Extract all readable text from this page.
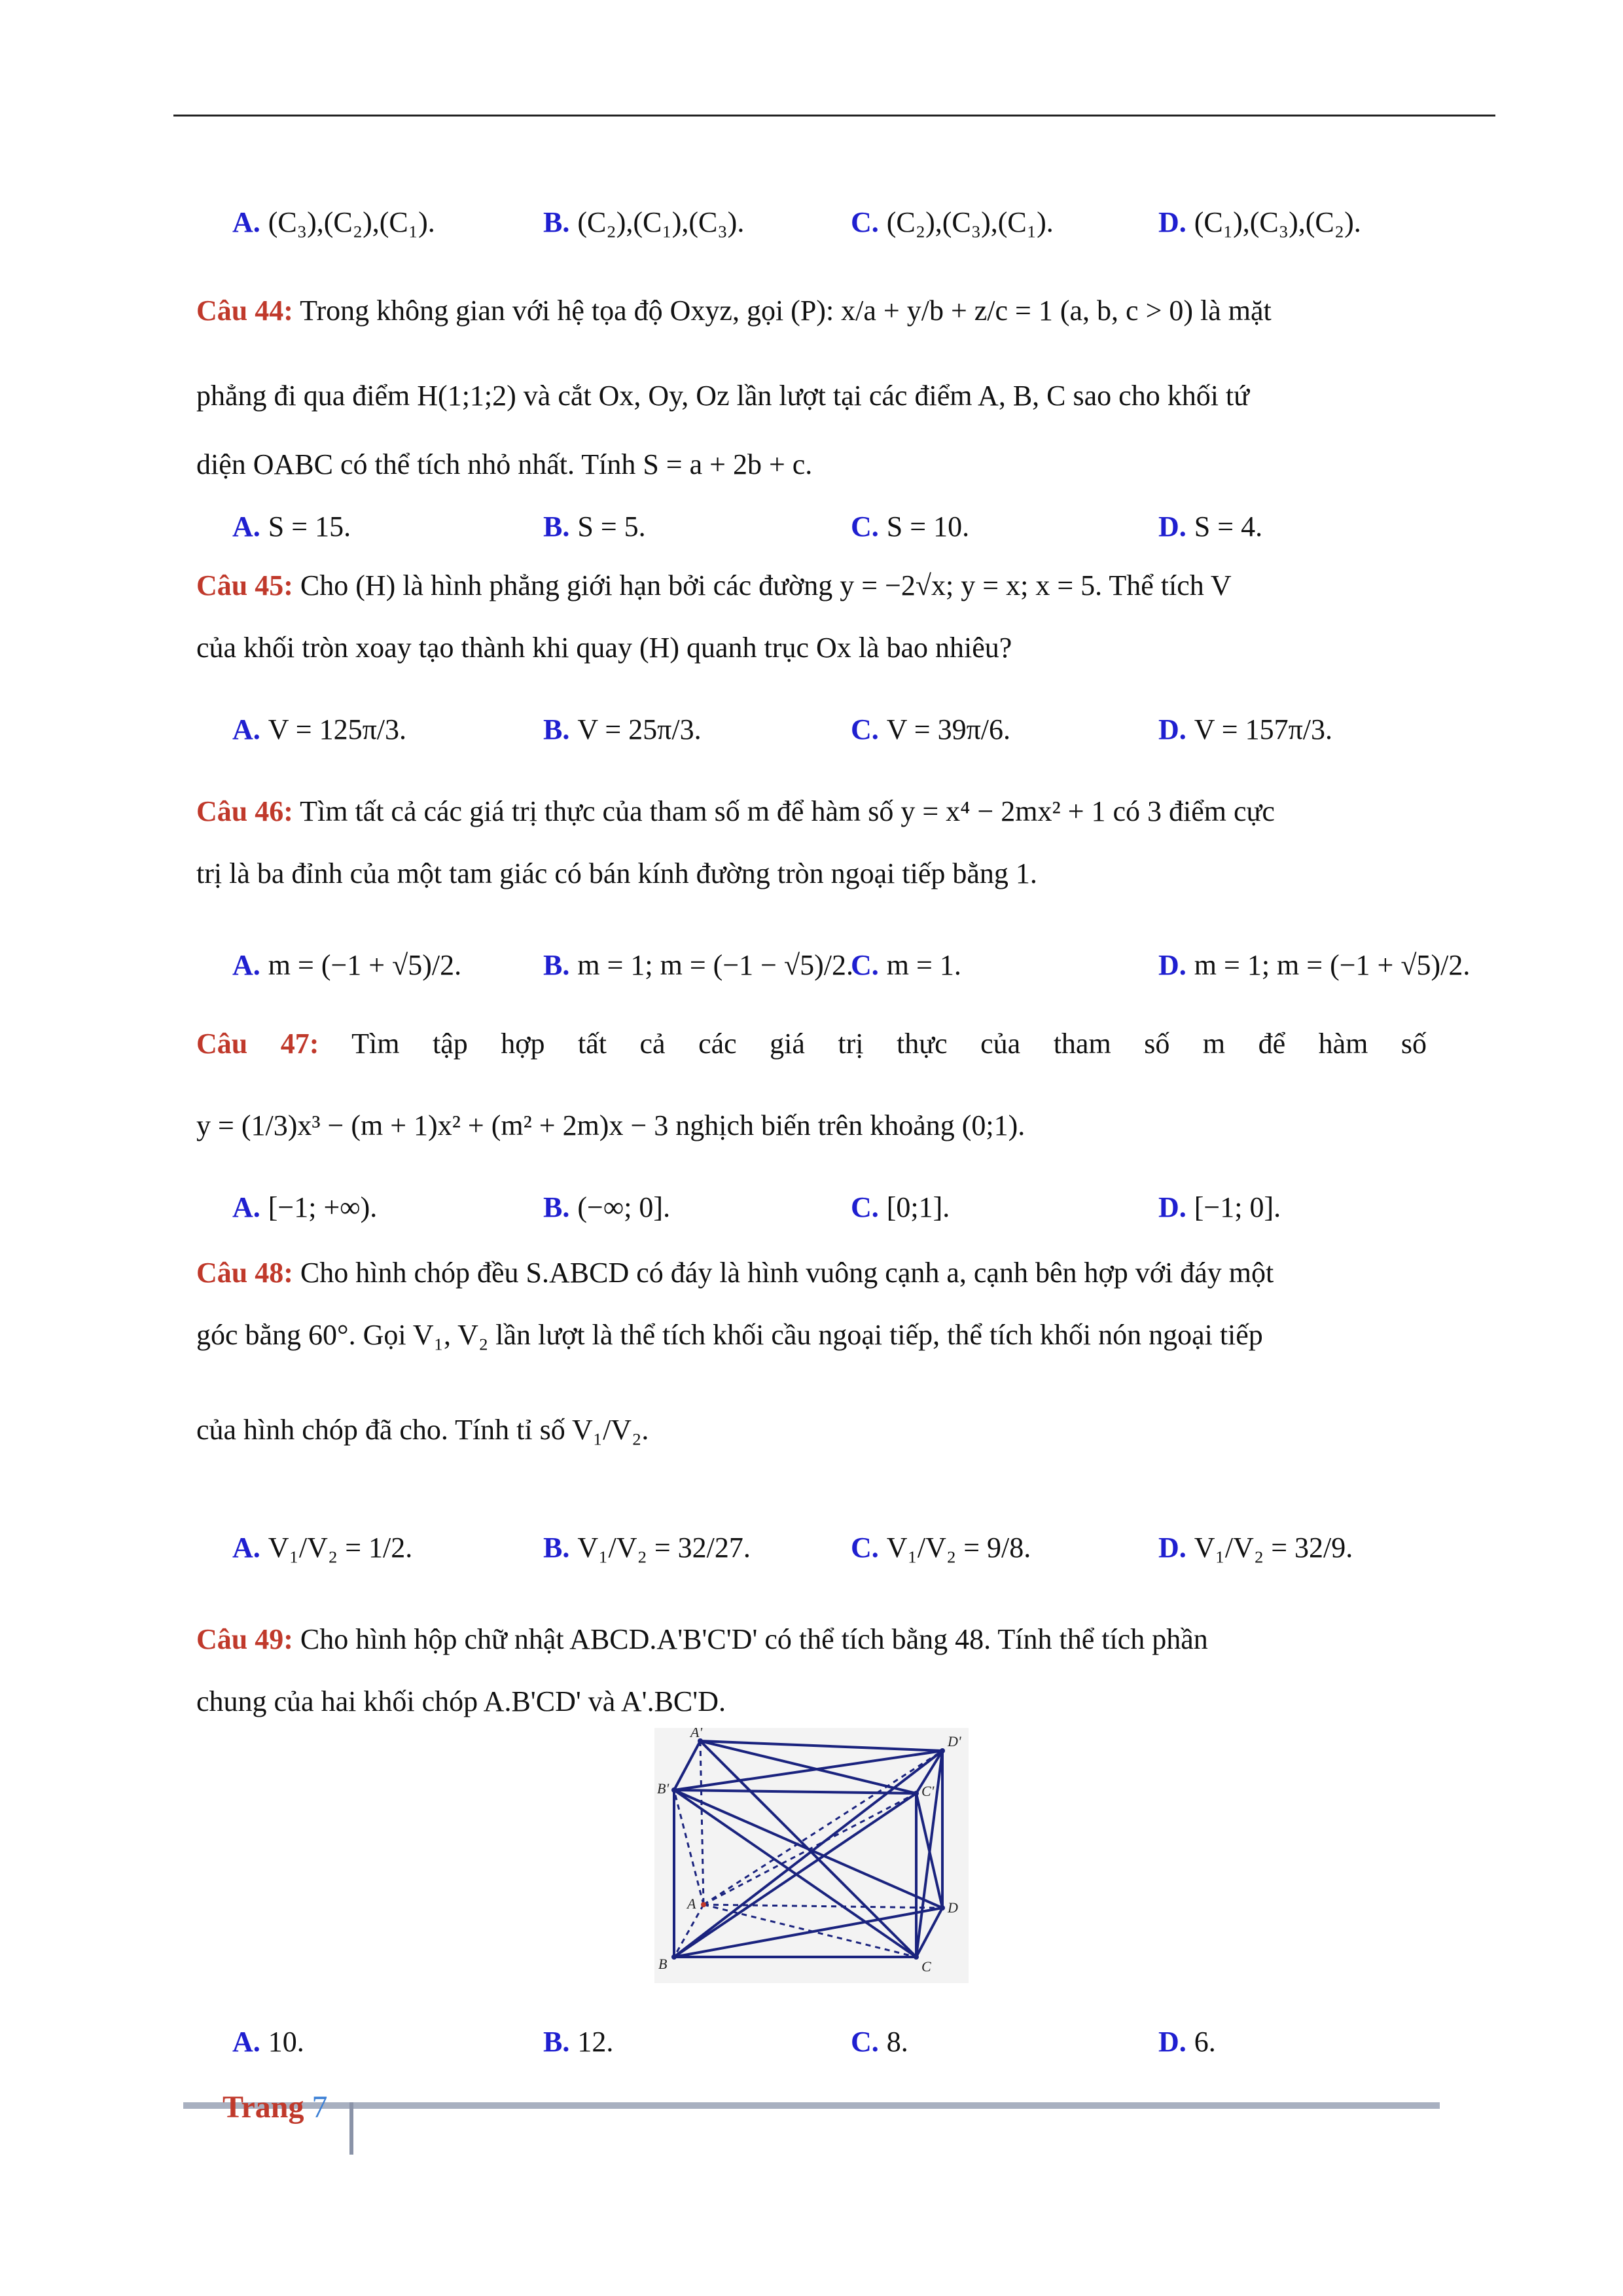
A. (C₃),(C₂),(C₁).	B. (C₂),(C₁),(C₃).	C. (C₂),(C₃),(C₁).	D. (C₁),(C₃),(C₂).
Câu 44: Trong không gian với hệ tọa độ Oxyz, gọi (P): x/a + y/b + z/c = 1 (a, b, c > 0) là mặt
phẳng đi qua điểm H(1;1;2) và cắt Ox, Oy, Oz lần lượt tại các điểm A, B, C sao cho khối tứ
diện OABC có thể tích nhỏ nhất. Tính S = a + 2b + c.
A. S = 15.	B. S = 5.	C. S = 10.	D. S = 4.
Câu 45: Cho (H) là hình phẳng giới hạn bởi các đường y = −2√x; y = x; x = 5. Thể tích V
của khối tròn xoay tạo thành khi quay (H) quanh trục Ox là bao nhiêu?
A. V = 125π/3.	B. V = 25π/3.	C. V = 39π/6.	D. V = 157π/3.
Câu 46: Tìm tất cả các giá trị thực của tham số m để hàm số y = x⁴ − 2mx² + 1 có 3 điểm cực
trị là ba đỉnh của một tam giác có bán kính đường tròn ngoại tiếp bằng 1.
A. m = (−1 + √5)/2.	B. m = 1; m = (−1 − √5)/2.
C. m = 1.	D. m = 1; m = (−1 + √5)/2.
Câu 47: Tìm tập hợp tất cả các giá trị thực của tham số m để hàm số
y = (1/3)x³ − (m + 1)x² + (m² + 2m)x − 3 nghịch biến trên khoảng (0;1).
A. [−1; +∞).	B. (−∞; 0].	C. [0;1].	D. [−1; 0].
Câu 48: Cho hình chóp đều S.ABCD có đáy là hình vuông cạnh a, cạnh bên hợp với đáy một
góc bằng 60°. Gọi V₁, V₂ lần lượt là thể tích khối cầu ngoại tiếp, thể tích khối nón ngoại tiếp
của hình chóp đã cho. Tính tỉ số V₁/V₂.
A. V₁/V₂ = 1/2.	B. V₁/V₂ = 32/27.	C. V₁/V₂ = 9/8.	D. V₁/V₂ = 32/9.
Câu 49: Cho hình hộp chữ nhật ABCD.A'B'C'D' có thể tích bằng 48. Tính thể tích phần
chung của hai khối chóp A.B'CD' và A'.BC'D.
A'
D'
B'	C'
A	D
B	C
A. 10.	B. 12.	C. 8.	D. 6.
Trang 7
